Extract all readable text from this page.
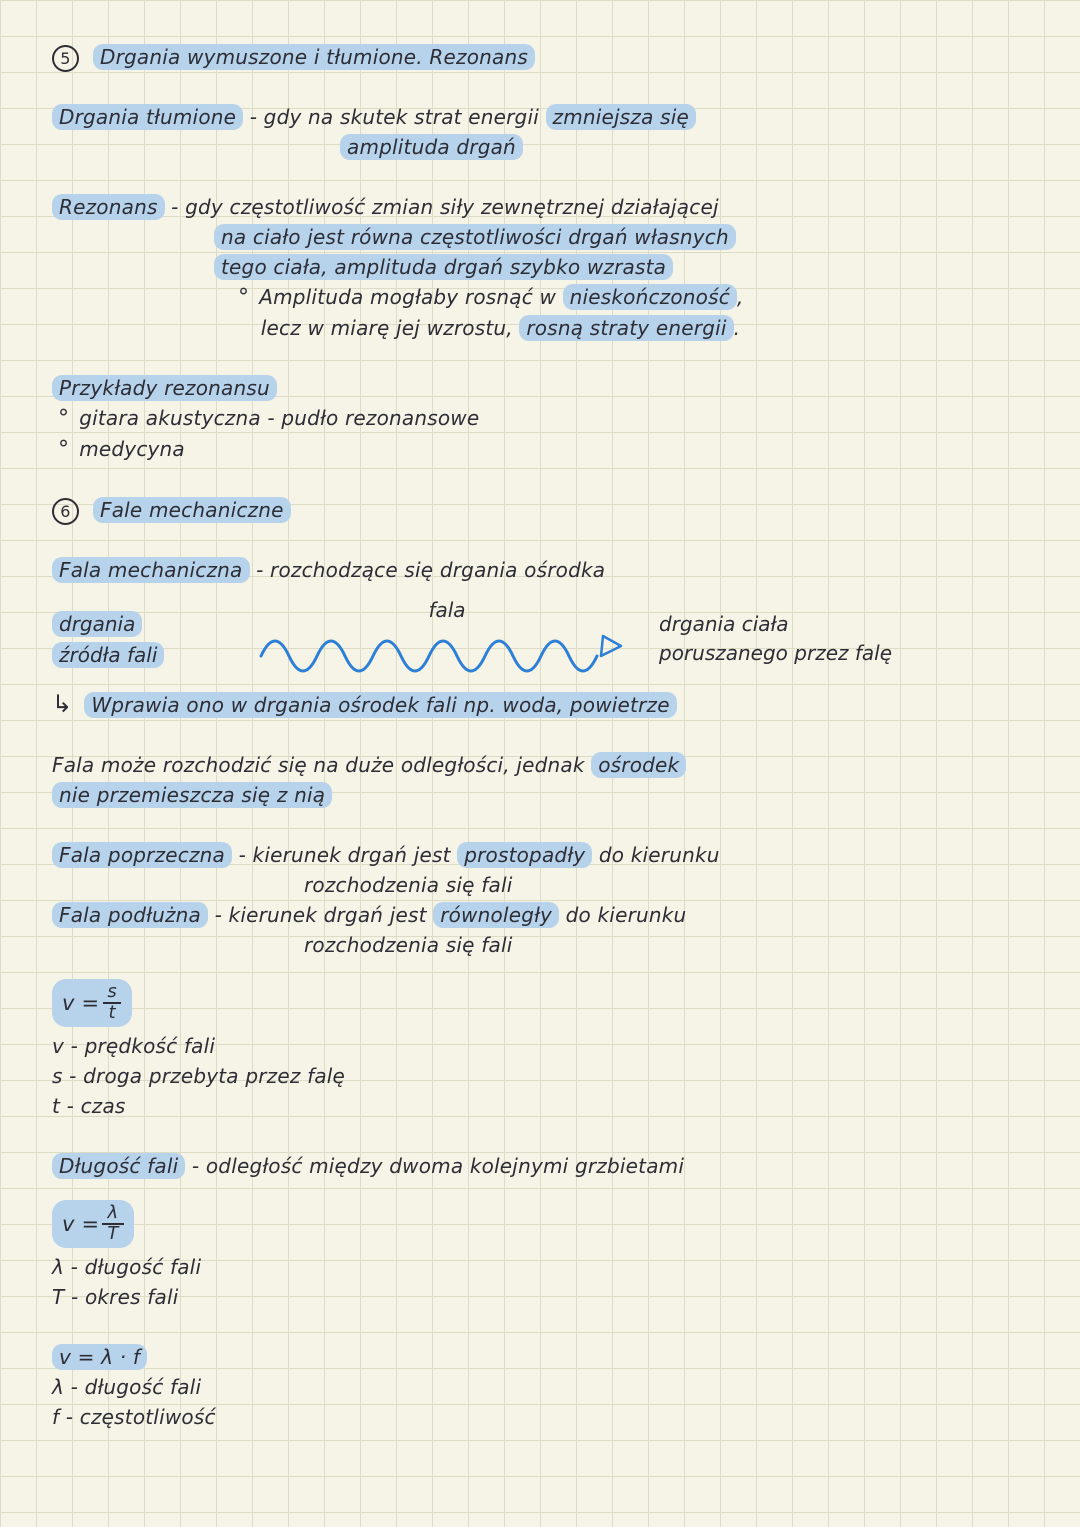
5 Drgania wymuszone i tłumione. Rezonans
Drgania tłumione - gdy na skutek strat energii zmniejsza się
amplituda drgań
Rezonans - gdy częstotliwość zmian siły zewnętrznej działającej
na ciało jest równa częstotliwości drgań własnych
tego ciała, amplituda drgań szybko wzrasta
° Amplituda mogłaby rosnąć w nieskończoność ,
lecz w miarę jej wzrostu, rosną straty energii .
Przykłady rezonansu
° gitara akustyczna - pudło rezonansowe
° medycyna
6 Fale mechaniczne
Fala mechaniczna - rozchodzące się drgania ośrodka
drgania
źródła fali
fala
drgania ciała
poruszanego przez falę
↳ Wprawia ono w drgania ośrodek fali np. woda, powietrze
Fala może rozchodzić się na duże odległości, jednak ośrodek
nie przemieszcza się z nią
Fala poprzeczna - kierunek drgań jest prostopadły do kierunku
rozchodzenia się fali
Fala podłużna - kierunek drgań jest równoległy do kierunku
rozchodzenia się fali
$v = \frac{s}{t}$
v - prędkość fali
s - droga przebyta przez falę
t - czas
Długość fali - odległość między dwoma kolejnymi grzbietami
$v = \frac{\lambda}{T}$
λ - długość fali
T - okres fali
v = λ · f
λ - długość fali
f - częstotliwość
